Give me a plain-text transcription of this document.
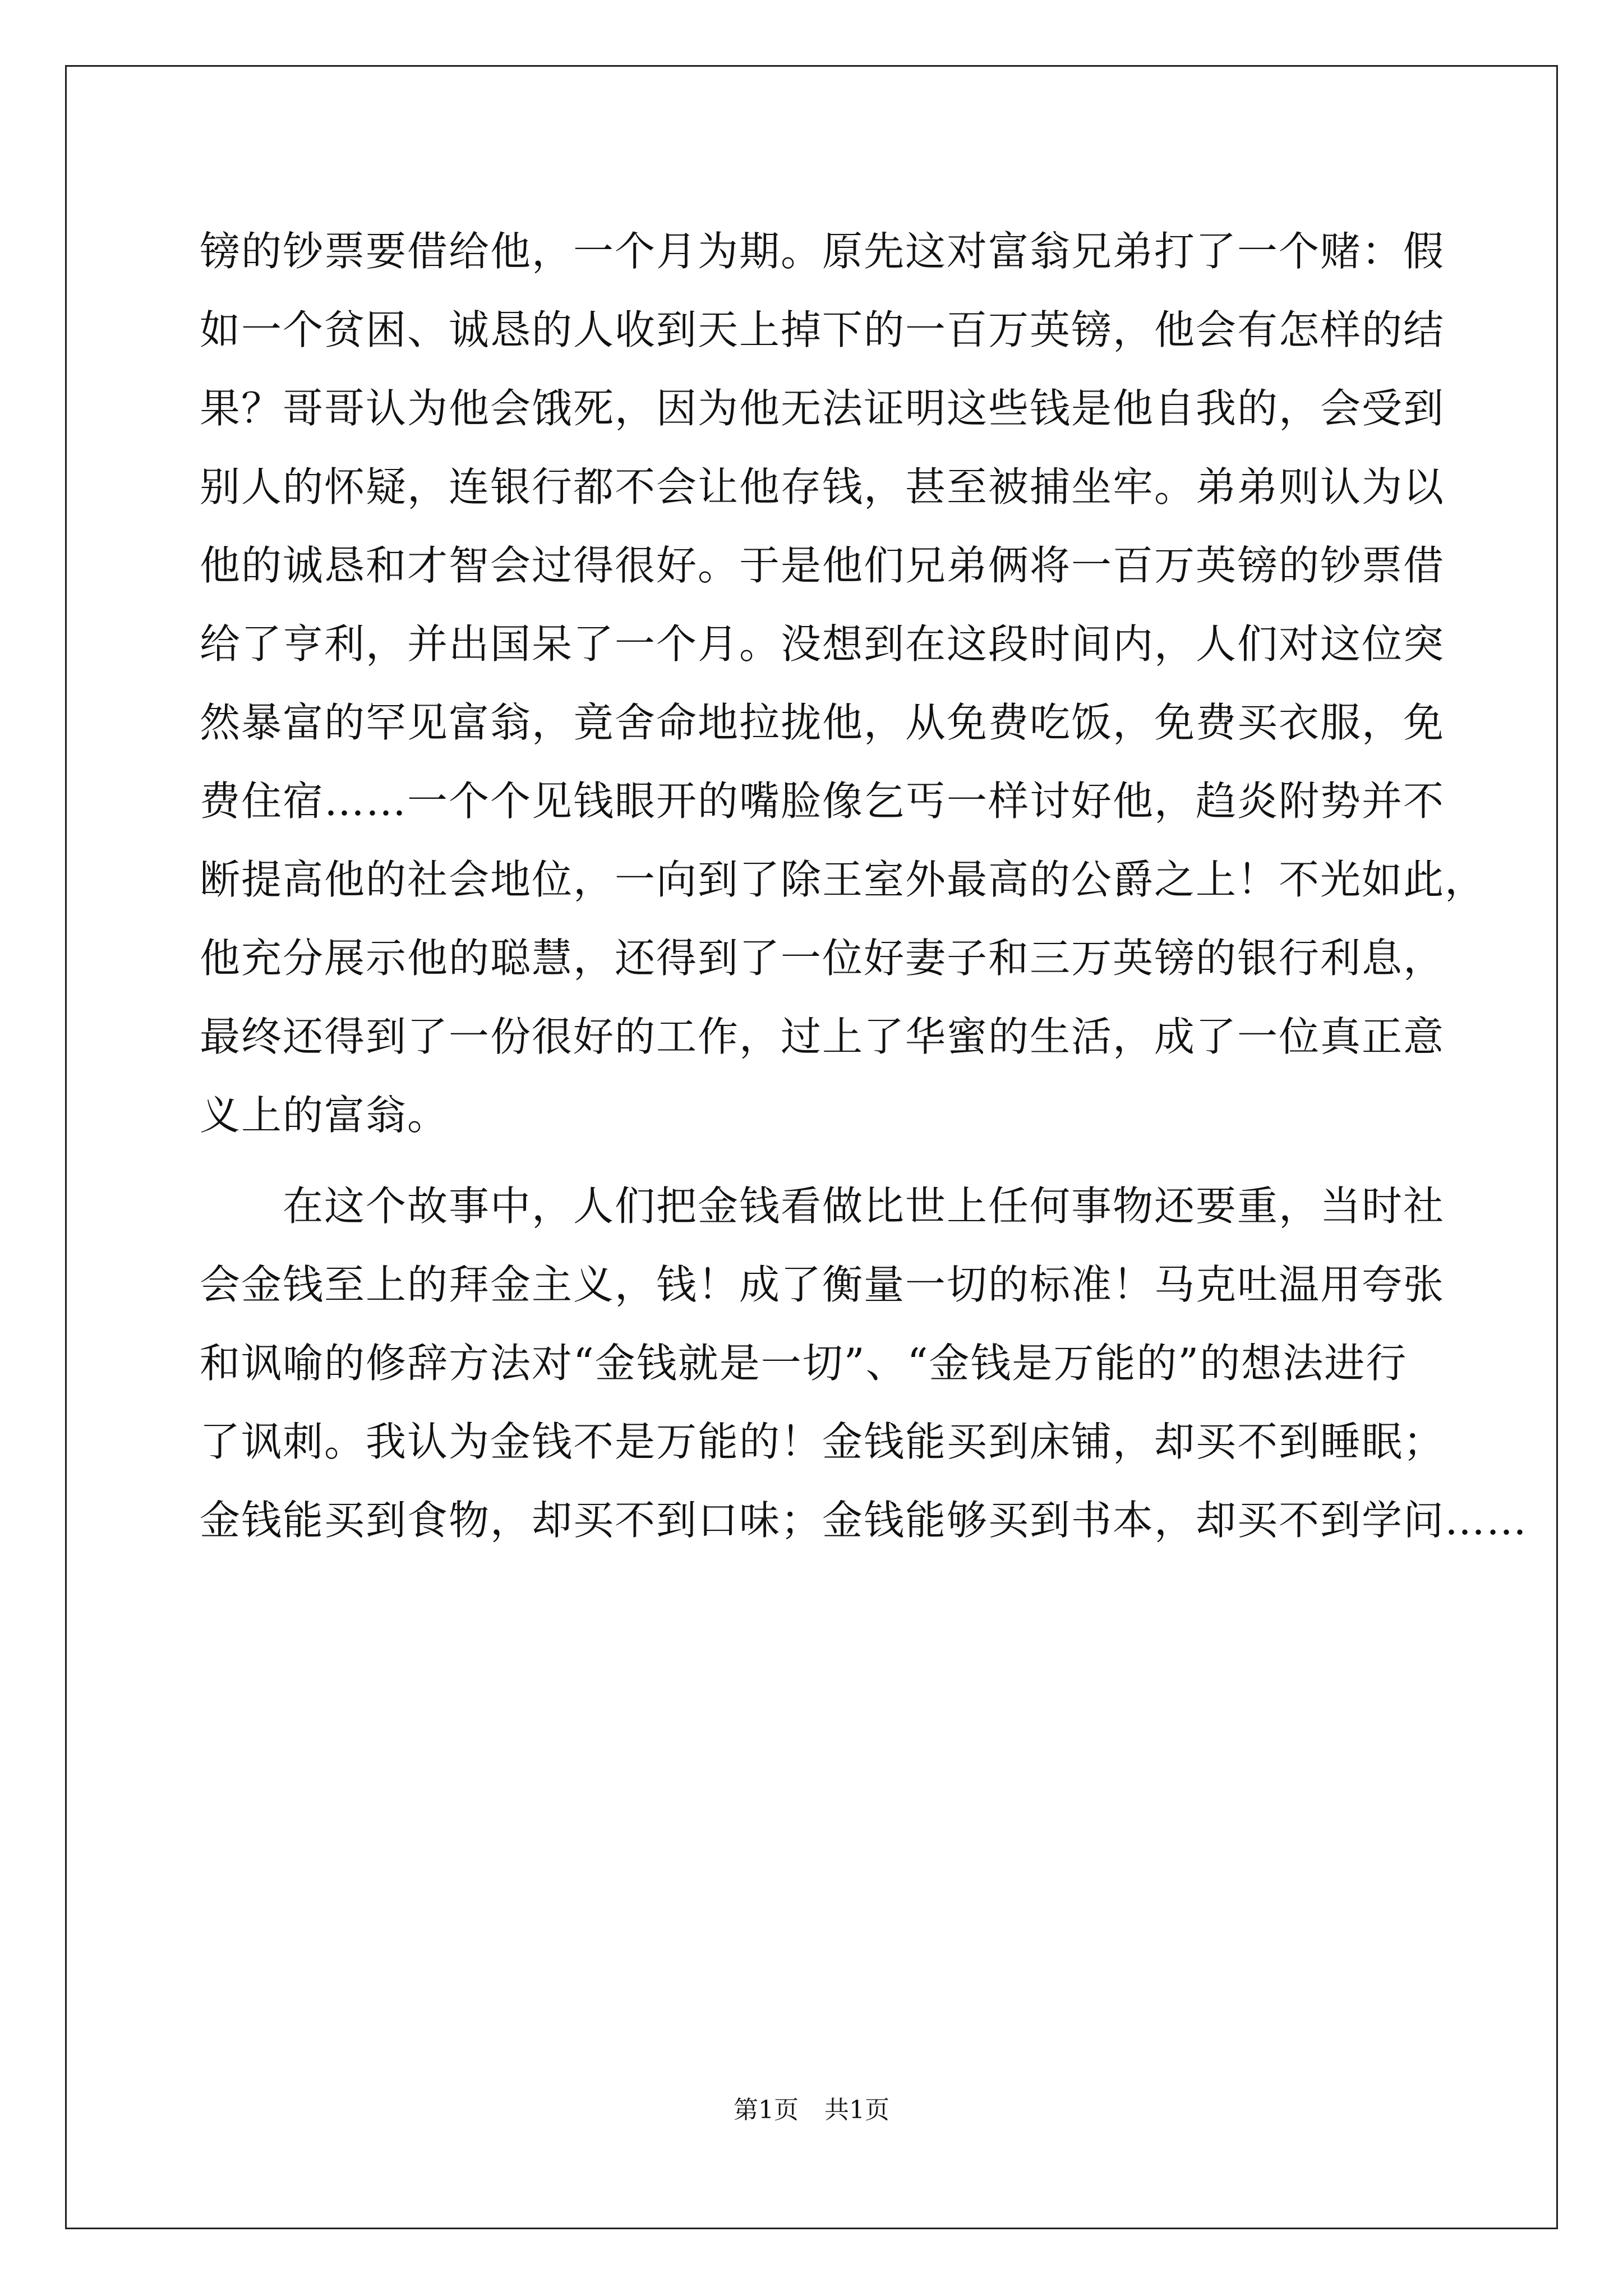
镑的钞票要借给他，一个月为期。原先这对富翁兄弟打了一个赌：假
如一个贫困、诚恳的人收到天上掉下的一百万英镑，他会有怎样的结
果？哥哥认为他会饿死，因为他无法证明这些钱是他自我的，会受到
别人的怀疑，连银行都不会让他存钱，甚至被捕坐牢。弟弟则认为以
他的诚恳和才智会过得很好。于是他们兄弟俩将一百万英镑的钞票借
给了亨利，并出国呆了一个月。没想到在这段时间内，人们对这位突
然暴富的罕见富翁，竟舍命地拉拢他，从免费吃饭，免费买衣服，免
费住宿……一个个见钱眼开的嘴脸像乞丐一样讨好他，趋炎附势并不
断提高他的社会地位，一向到了除王室外最高的公爵之上！不光如此，
他充分展示他的聪慧，还得到了一位好妻子和三万英镑的银行利息，
最终还得到了一份很好的工作，过上了华蜜的生活，成了一位真正意
义上的富翁。
在这个故事中，人们把金钱看做比世上任何事物还要重，当时社
会金钱至上的拜金主义，钱！成了衡量一切的标准！马克吐温用夸张
和讽喻的修辞方法对“金钱就是一切”、“金钱是万能的”的想法进行
了讽刺。我认为金钱不是万能的！金钱能买到床铺，却买不到睡眠；
金钱能买到食物，却买不到口味；金钱能够买到书本，却买不到学问……
第1页 共1页
